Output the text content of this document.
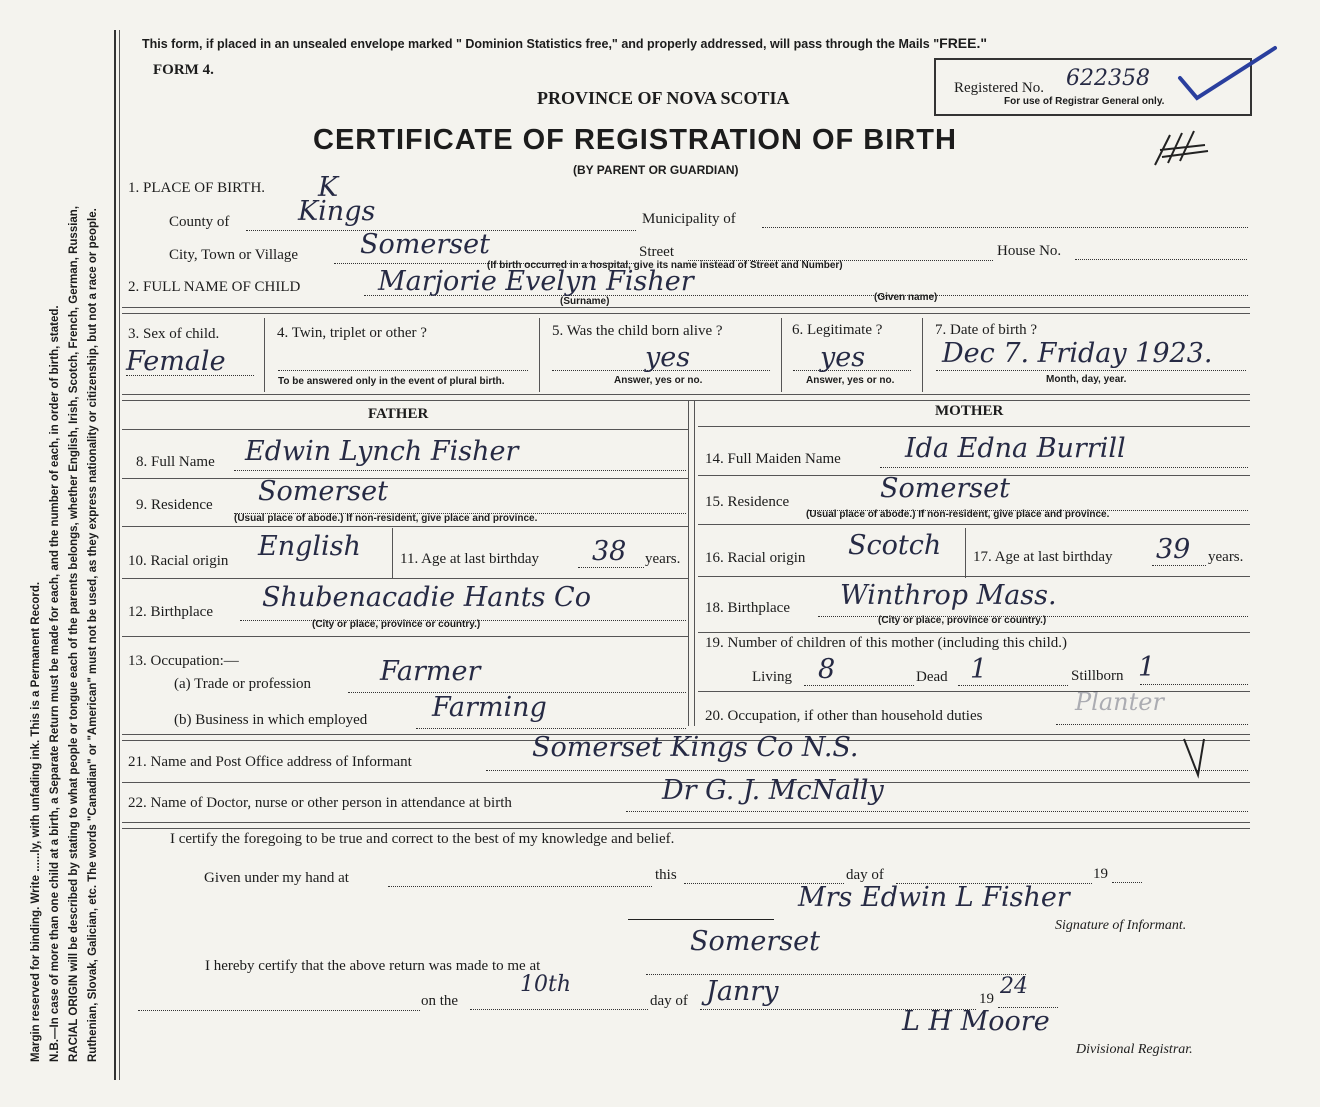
Margin reserved for binding. Write ......ly, with unfading ink. This is a Permanent Record. N.B.—In case of more than one child at a birth, a Separate Return must be made for each, and the number of each, in order of birth, stated. RACIAL ORIGIN will be described by stating to what people or tongue each of the parents belongs, whether English, Irish, Scotch, French, German, Russian, Ruthenian, Slovak, Galician, etc. The words "Canadian" or "American" must not be used, as they express nationality or citizenship, but not a race or people.
This form, if placed in an unsealed envelope marked " Dominion Statistics free," and properly addressed, will pass through the Mails "FREE."
FORM 4.
PROVINCE OF NOVA SCOTIA
CERTIFICATE OF REGISTRATION OF BIRTH
(BY PARENT OR GUARDIAN)
Registered No. 622358
For use of Registrar General only.
1. PLACE OF BIRTH. K
County of	Kings	Municipality of
City, Town or Village Somerset	Street	House No.
(If birth occurred in a hospital, give its name instead of Street and Number)
2. FULL NAME OF CHILD	Marjorie Evelyn Fisher
(Surname)	(Given name)
3. Sex of child.
Female
4. Twin, triplet or other ?
To be answered only in the event of plural birth.
5. Was the child born alive ?
yes
Answer, yes or no.
6. Legitimate ?
yes
Answer, yes or no.
7. Date of birth ?
Dec 7. Friday 1923.
Month, day, year.
FATHER	MOTHER
8. Full Name Edwin Lynch Fisher	14. Full Maiden Name Ida Edna Burrill
9. Residence Somerset
(Usual place of abode.) If non-resident, give place and province.
15. Residence	Somerset
(Usual place of abode.) If non-resident, give place and province.
10. Racial origin English	11. Age at last birthday 38 years. 16. Racial origin Scotch 17. Age at last birthday 39 years.
12. Birthplace Shubenacadie Hants Co
(City or place, province or country.)
18. Birthplace Winthrop Mass.
(City or place, province or country.)
13. Occupation:—
(a) Trade or profession	Farmer
(b) Business in which employed Farming
19. Number of children of this mother (including this child.)
Living 8	Dead 1	Stillborn 1
20. Occupation, if other than household duties	Planter
21. Name and Post Office address of Informant	Somerset Kings Co N.S.
22. Name of Doctor, nurse or other person in attendance at birth	Dr G. J. McNally
I certify the foregoing to be true and correct to the best of my knowledge and belief.
Given under my hand at	this	day of	19
Mrs Edwin L Fisher
Signature of Informant.
I hereby certify that the above return was made to me at
Somerset
on the
10th
day of Janry	19 24
L H Moore
Divisional Registrar.
